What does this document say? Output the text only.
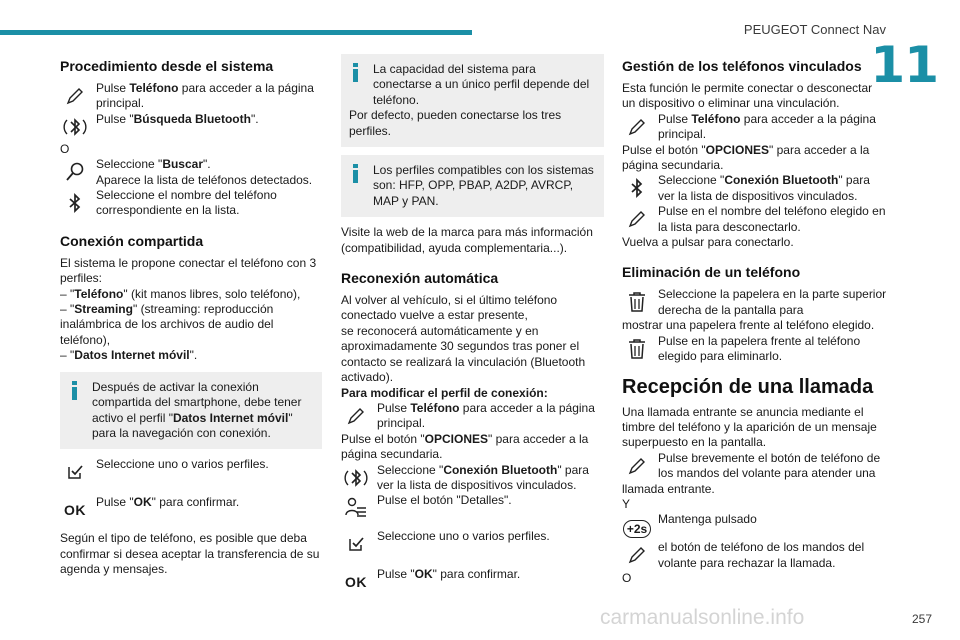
PEUGEOT Connect Nav
11
Procedimiento desde el sistema
Pulse Teléfono para acceder a la página principal.
Pulse "Búsqueda Bluetooth".

O

Seleccione "Buscar".
Aparece la lista de teléfonos detectados.
Seleccione el nombre del teléfono correspondiente en la lista.
Conexión compartida

El sistema le propone conectar el teléfono con 3 perfiles:

– "Teléfono" (kit manos libres, solo teléfono),

– "Streaming" (streaming: reproducción inalámbrica de los archivos de audio del teléfono),

– "Datos Internet móvil".

Después de activar la conexión compartida del smartphone, debe tener activo el perfil "Datos Internet móvil" para la navegación con conexión.

Seleccione uno o varios perfiles.
OK Pulse "OK" para confirmar.

Según el tipo de teléfono, es posible que deba confirmar si desea aceptar la transferencia de su agenda y mensajes.

La capacidad del sistema para conectarse a un único perfil depende del teléfono.

Por defecto, pueden conectarse los tres perfiles.

Los perfiles compatibles con los sistemas son: HFP, OPP, PBAP, A2DP, AVRCP, MAP y PAN.

Visite la web de la marca para más información (compatibilidad, ayuda complementaria...).

Reconexión automática

Al volver al vehículo, si el último teléfono conectado vuelve a estar presente,

se reconocerá automáticamente y en aproximadamente 30 segundos tras poner el contacto se realizará la vinculación (Bluetooth activado).

Para modificar el perfil de conexión:

Pulse Teléfono para acceder a la página principal.

Pulse el botón "OPCIONES" para acceder a la página secundaria.

Seleccione "Conexión Bluetooth" para ver la lista de dispositivos vinculados.
Pulse el botón "Detalles".
Seleccione uno o varios perfiles.
OK Pulse "OK" para confirmar.
Gestión de los teléfonos vinculados

Esta función le permite conectar o desconectar un dispositivo o eliminar una vinculación.

Pulse Teléfono para acceder a la página principal.

Pulse el botón "OPCIONES" para acceder a la página secundaria.

Seleccione "Conexión Bluetooth" para ver la lista de dispositivos vinculados.
Pulse en el nombre del teléfono elegido en la lista para desconectarlo.

Vuelva a pulsar para conectarlo.

Eliminación de un teléfono
Seleccione la papelera en la parte superior derecha de la pantalla para

mostrar una papelera frente al teléfono elegido.

Pulse en la papelera frente al teléfono elegido para eliminarlo.
Recepción de una llamada

Una llamada entrante se anuncia mediante el timbre del teléfono y la aparición de un mensaje superpuesto en la pantalla.

Pulse brevemente el botón de teléfono de los mandos del volante para atender una

llamada entrante.

Y

+2s
Mantenga pulsado
el botón de teléfono de los mandos del volante para rechazar la llamada.

O

carmanualsonline.info	257
